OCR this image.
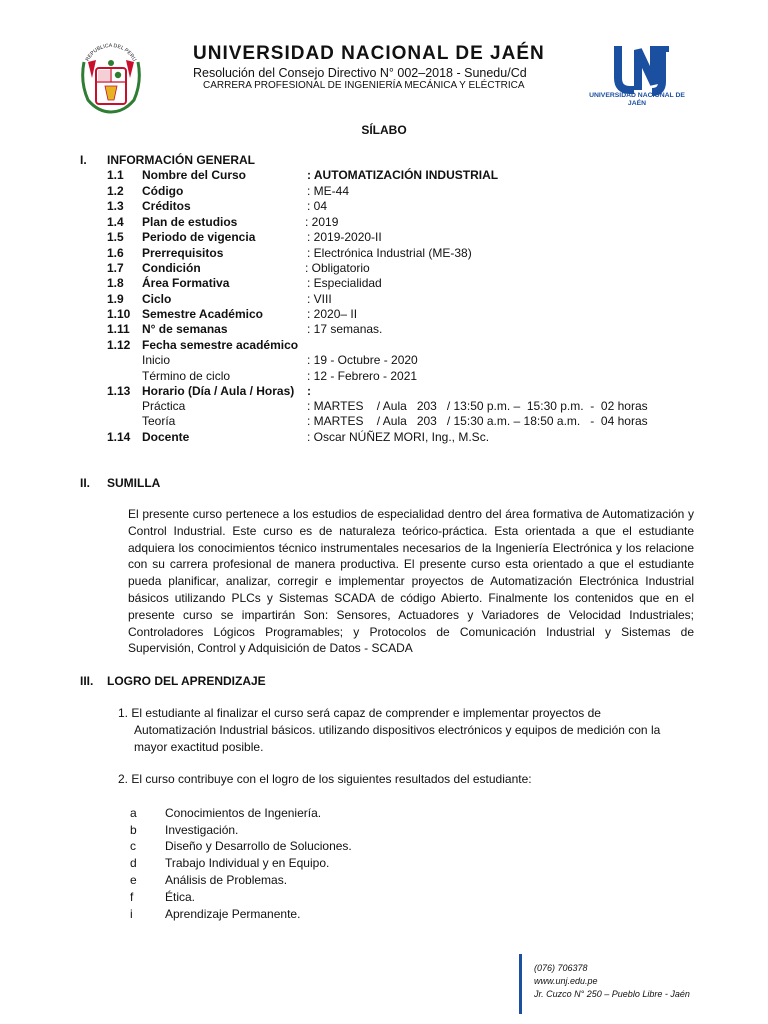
REPUBLICA DEL PERU	UNIVERSIDAD NACIONAL DE JAÉN
Resolución del Consejo Directivo N° 002–2018 - Sunedu/Cd
CARRERA PROFESIONAL DE INGENIERÍA MECÁNICA Y ELÉCTRICA
UNIVERSIDAD NACIONAL DE JAÉN
SÍLABO
I. INFORMACIÓN GENERAL
1.1 Nombre del Curso	: AUTOMATIZACIÓN INDUSTRIAL
1.2 Código	: ME-44
1.3 Créditos	: 04
1.4 Plan de estudios	: 2019
1.5 Periodo de vigencia	: 2019-2020-II
1.6 Prerrequisitos	: Electrónica Industrial (ME-38)
1.7 Condición	: Obligatorio
1.8 Área Formativa	: Especialidad
1.9 Ciclo	: VIII
1.10 Semestre Académico	: 2020– II
1.11 N° de semanas	: 17 semanas.
1.12 Fecha semestre académico
Inicio	: 19 - Octubre - 2020
Término de ciclo	: 12 - Febrero - 2021
1.13 Horario (Día / Aula / Horas) :
Práctica	: MARTES    / Aula   203   / 13:50 p.m. –  15:30 p.m.  -  02 horas
Teoría	: MARTES    / Aula   203   / 15:30 a.m. – 18:50 a.m.   -  04 horas
1.14 Docente	: Oscar NÚÑEZ MORI, Ing., M.Sc.
II. SUMILLA
El presente curso pertenece a los estudios de especialidad dentro del área formativa de Automatización y Control Industrial. Este curso es de naturaleza teórico-práctica. Esta orientada a que el estudiante adquiera los conocimientos técnico instrumentales necesarios de la Ingeniería Electrónica y los relacione con su carrera profesional de manera productiva. El presente curso esta orientado a que el estudiante pueda planificar, analizar, corregir e implementar proyectos de Automatización Electrónica Industrial básicos utilizando PLCs y Sistemas SCADA de código Abierto. Finalmente los contenidos que en el presente curso se impartirán Son: Sensores, Actuadores y Variadores de Velocidad Industriales; Controladores Lógicos Programables; y Protocolos de Comunicación Industrial y Sistemas de Supervisión, Control y Adquisición de Datos - SCADA
III. LOGRO DEL APRENDIZAJE
1. El estudiante al finalizar el curso será capaz de comprender e implementar proyectos de
Automatización Industrial básicos. utilizando dispositivos electrónicos y equipos de medición con la
mayor exactitud posible.
2. El curso contribuye con el logro de los siguientes resultados del estudiante:
a Conocimientos de Ingeniería.
b Investigación.
c Diseño y Desarrollo de Soluciones.
d Trabajo Individual y en Equipo.
e Análisis de Problemas.
f	Ética.
i	Aprendizaje Permanente.
(076) 706378
www.unj.edu.pe
Jr. Cuzco N° 250 – Pueblo Libre - Jaén
